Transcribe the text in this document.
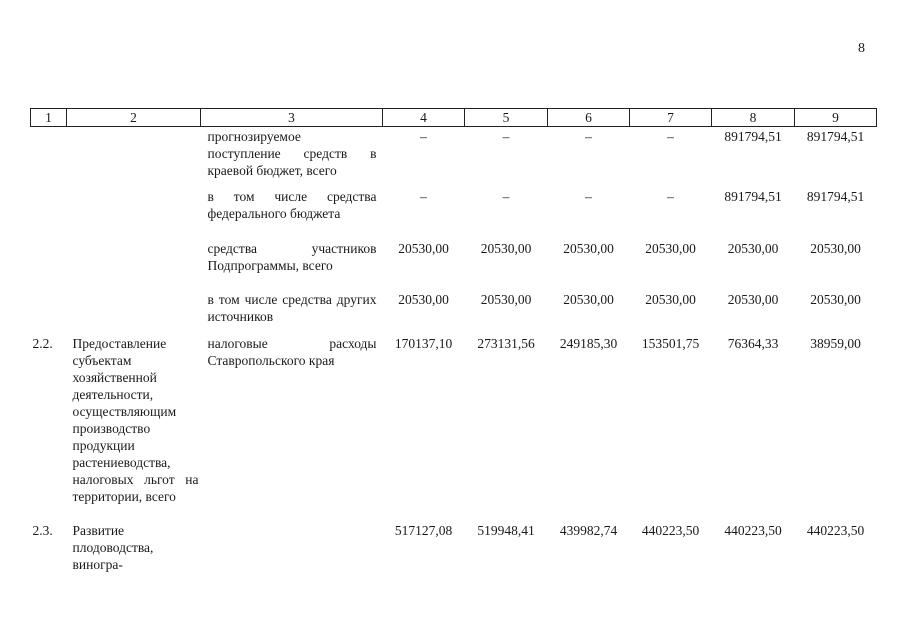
8
1	2	3	4	5	6	7	8	9
		прогнозируемое поступление средств в краевой бюджет, всего	–	–	–	–	891794,51	891794,51
		в том числе средства федерального бюджета	–	–	–	–	891794,51	891794,51
		средства участников Подпрограммы, всего	20530,00	20530,00	20530,00	20530,00	20530,00	20530,00
		в том числе средства других источников	20530,00	20530,00	20530,00	20530,00	20530,00	20530,00
2.2.	Предоставление субъектам хозяйственной деятельности, осуществляющим производство продукции растениеводства, налоговых льгот на территории, всего	налоговые расходы Ставропольского края	170137,10	273131,56	249185,30	153501,75	76364,33	38959,00
2.3.	Развитие плодоводства, виногра-		517127,08	519948,41	439982,74	440223,50	440223,50	440223,50
